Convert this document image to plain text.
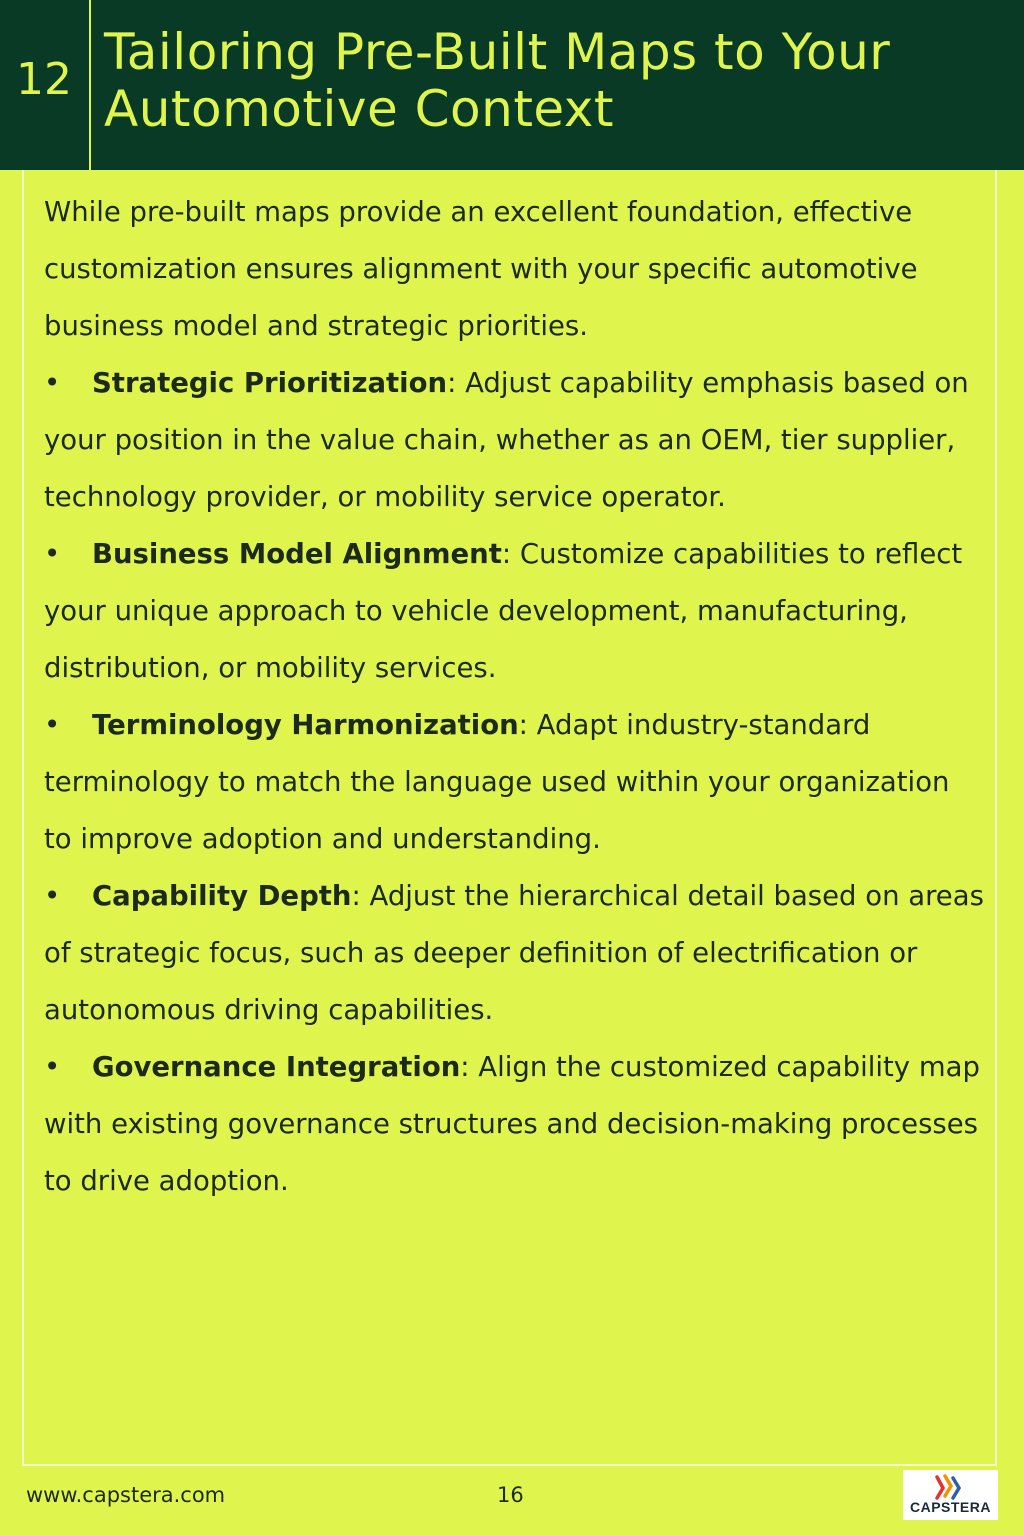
12 Tailoring Pre-Built Maps to Your
Automotive Context

While pre-built maps provide an excellent foundation, effective customization ensures alignment with your specific automotive business model and strategic priorities.

• Strategic Prioritization: Adjust capability emphasis based on your position in the value chain, whether as an OEM, tier supplier, technology provider, or mobility service operator.
• Business Model Alignment: Customize capabilities to reflect your unique approach to vehicle development, manufacturing, distribution, or mobility services.
• Terminology Harmonization: Adapt industry-standard terminology to match the language used within your organization to improve adoption and understanding.
• Capability Depth: Adjust the hierarchical detail based on areas of strategic focus, such as deeper definition of electrification or autonomous driving capabilities.
• Governance Integration: Align the customized capability map with existing governance structures and decision-making processes to drive adoption.
www.capstera.com	16	CAPSTERA
